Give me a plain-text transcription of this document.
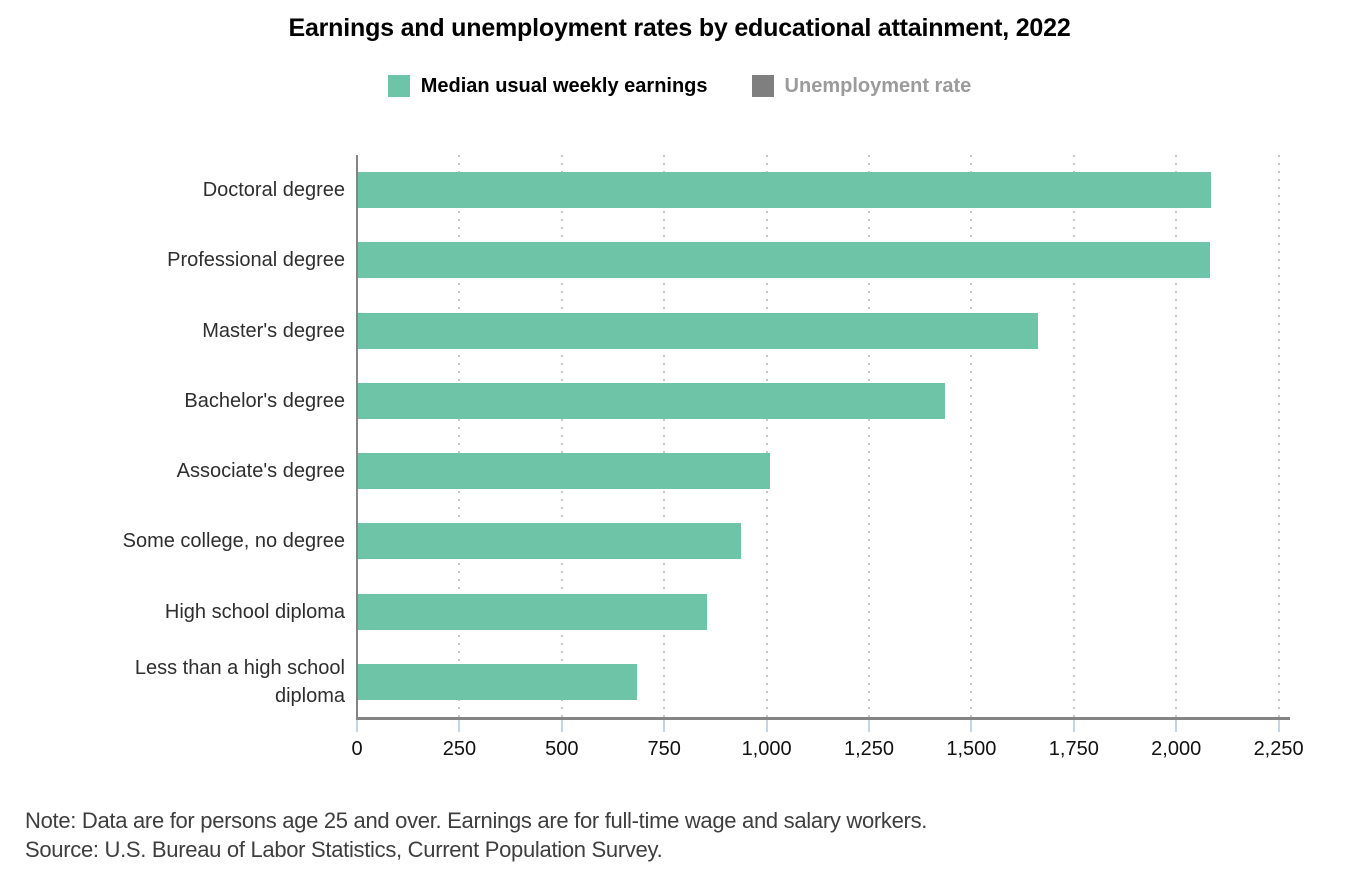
Earnings and unemployment rates by educational attainment, 2022
Median usual weekly earnings	Unemployment rate
0	250	500	750	1,000	1,250	1,500	1,750	2,000	2,250
Doctoral degree
Professional degree
Master's degree
Bachelor's degree
Associate's degree
Some college, no degree
High school diploma
Less than a high school diploma
Note: Data are for persons age 25 and over. Earnings are for full-time wage and salary workers.
Source: U.S. Bureau of Labor Statistics, Current Population Survey.
